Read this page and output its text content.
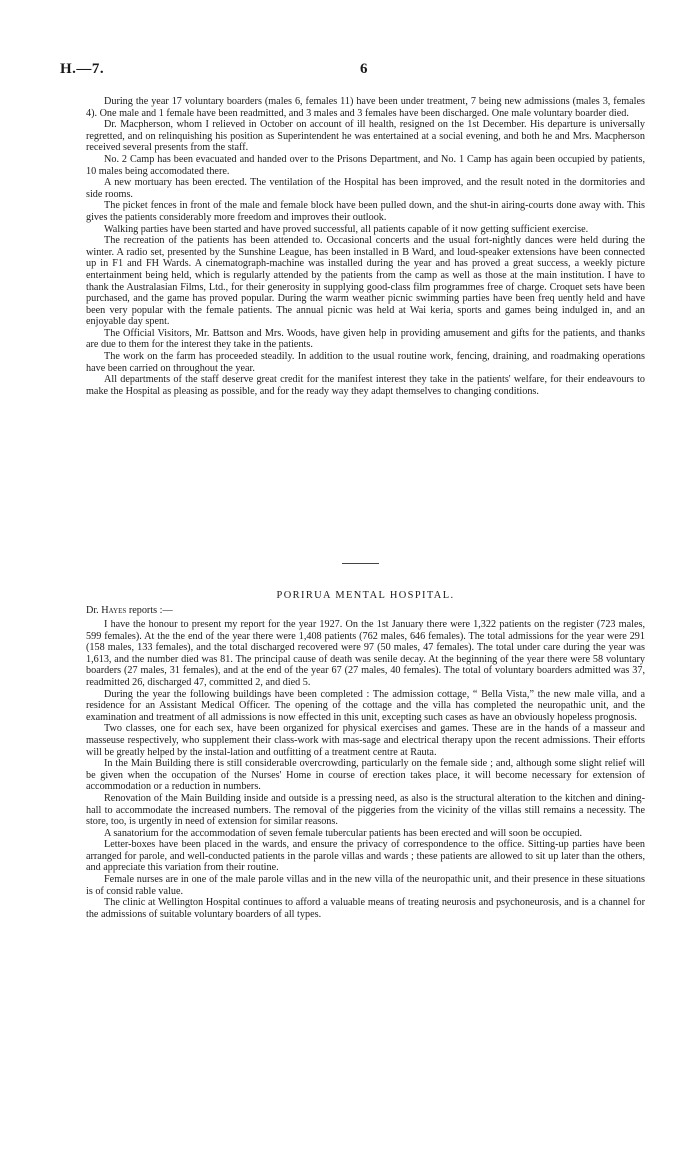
H.—7.	6

During the year 17 voluntary boarders (males 6, females 11) have been under treatment, 7 being new admissions (males 3, females 4). One male and 1 female have been readmitted, and 3 males and 3 females have been discharged. One male voluntary boarder died.

Dr. Macpherson, whom I relieved in October on account of ill health, resigned on the 1st December. His departure is universally regretted, and on relinquishing his position as Superintendent he was entertained at a social evening, and both he and Mrs. Macpherson received several presents from the staff.

No. 2 Camp has been evacuated and handed over to the Prisons Department, and No. 1 Camp has again been occupied by patients, 10 males being accomodated there.

A new mortuary has been erected. The ventilation of the Hospital has been improved, and the result noted in the dormitories and side rooms.

The picket fences in front of the male and female block have been pulled down, and the shut-in airing-courts done away with. This gives the patients considerably more freedom and improves their outlook.

Walking parties have been started and have proved successful, all patients capable of it now getting sufficient exercise.

The recreation of the patients has been attended to. Occasional concerts and the usual fort-nightly dances were held during the winter. A radio set, presented by the Sunshine League, has been installed in B Ward, and loud-speaker extensions have been connected up in F1 and FH Wards. A cinematograph-machine was installed during the year and has proved a great success, a weekly picture entertainment being held, which is regularly attended by the patients from the camp as well as those at the main institution. I have to thank the Australasian Films, Ltd., for their generosity in supplying good-class film programmes free of charge. Croquet sets have been purchased, and the game has proved popular. During the warm weather picnic swimming parties have been freq uently held and have been very popular with the female patients. The annual picnic was held at Wai keria, sports and games being indulged in, and an enjoyable day spent.

The Official Visitors, Mr. Battson and Mrs. Woods, have given help in providing amusement and gifts for the patients, and thanks are due to them for the interest they take in the patients.

The work on the farm has proceeded steadily. In addition to the usual routine work, fencing, draining, and roadmaking operations have been carried on throughout the year.

All departments of the staff deserve great credit for the manifest interest they take in the patients' welfare, for their endeavours to make the Hospital as pleasing as possible, and for the ready way they adapt themselves to changing conditions.

PORIRUA MENTAL HOSPITAL.
Dr. Hayes reports :—

I have the honour to present my report for the year 1927. On the 1st January there were 1,322 patients on the register (723 males, 599 females). At the the end of the year there were 1,408 patients (762 males, 646 females). The total admissions for the year were 291 (158 males, 133 females), and the total discharged recovered were 97 (50 males, 47 females). The total under care during the year was 1,613, and the number died was 81. The principal cause of death was senile decay. At the beginning of the year there were 58 voluntary boarders (27 males, 31 females), and at the end of the year 67 (27 males, 40 females). The total of voluntary boarders admitted was 37, readmitted 26, discharged 47, committed 2, and died 5.

During the year the following buildings have been completed : The admission cottage, “ Bella Vista,” the new male villa, and a residence for an Assistant Medical Officer. The opening of the cottage and the villa has completed the neuropathic unit, and the examination and treatment of all admissions is now effected in this unit, excepting such cases as have an obviously hopeless prognosis.

Two classes, one for each sex, have been organized for physical exercises and games. These are in the hands of a masseur and masseuse respectively, who supplement their class-work with mas-sage and electrical therapy upon the recent admissions. Their efforts will be greatly helped by the instal-lation and outfitting of a treatment centre at Rauta.

In the Main Building there is still considerable overcrowding, particularly on the female side ; and, although some slight relief will be given when the occupation of the Nurses' Home in course of erection takes place, it will become necessary for extension of accommodation or a reduction in numbers.

Renovation of the Main Building inside and outside is a pressing need, as also is the structural alteration to the kitchen and dining-hall to accommodate the increased numbers. The removal of the piggeries from the vicinity of the villas still remains a necessity. The store, too, is urgently in need of extension for similar reasons.

A sanatorium for the accommodation of seven female tubercular patients has been erected and will soon be occupied.

Letter-boxes have been placed in the wards, and ensure the privacy of correspondence to the office. Sitting-up parties have been arranged for parole, and well-conducted patients in the parole villas and wards ; these patients are allowed to sit up later than the others, and appreciate this variation from their routine.

Female nurses are in one of the male parole villas and in the new villa of the neuropathic unit, and their presence in these situations is of consid rable value.

The clinic at Wellington Hospital continues to afford a valuable means of treating neurosis and psychoneurosis, and is a channel for the admissions of suitable voluntary boarders of all types.
